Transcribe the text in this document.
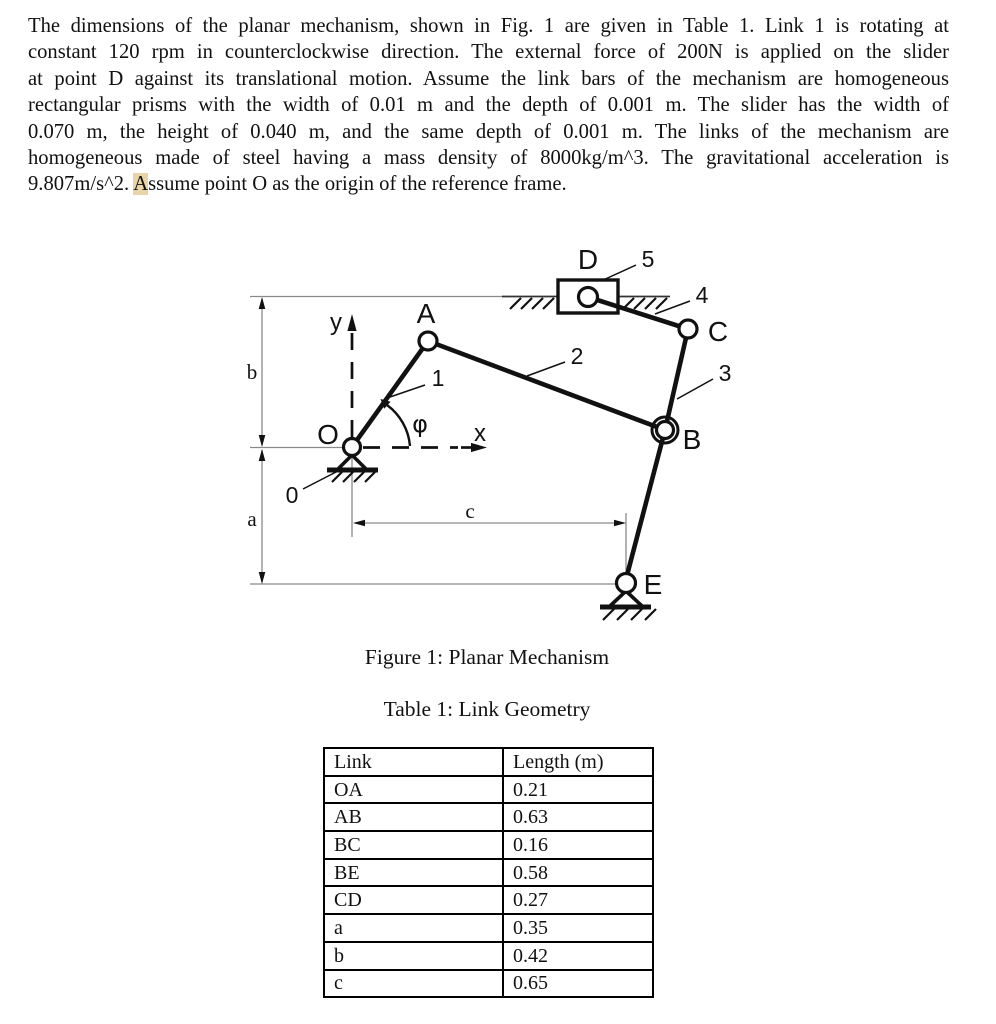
The dimensions of the planar mechanism, shown in Fig. 1 are given in Table 1. Link 1 is rotating at
constant 120 rpm in counterclockwise direction. The external force of 200N is applied on the slider
at point D against its translational motion. Assume the link bars of the mechanism are homogeneous
rectangular prisms with the width of 0.01 m and the depth of 0.001 m. The slider has the width of
0.070 m, the height of 0.040 m, and the same depth of 0.001 m. The links of the mechanism are
homogeneous made of steel having a mass density of 8000kg/m^3. The gravitational acceleration is
9.807m/s^2. Assume point O as the origin of the reference frame.
O
A
B
C
D
E
1
2
3
4
5
0
x
y
φ
b
a	c
Figure 1: Planar Mechanism
Table 1: Link Geometry
Link	Length (m)
OA	0.21
AB	0.63
BC	0.16
BE	0.58
CD	0.27
a	0.35
b	0.42
c	0.65
